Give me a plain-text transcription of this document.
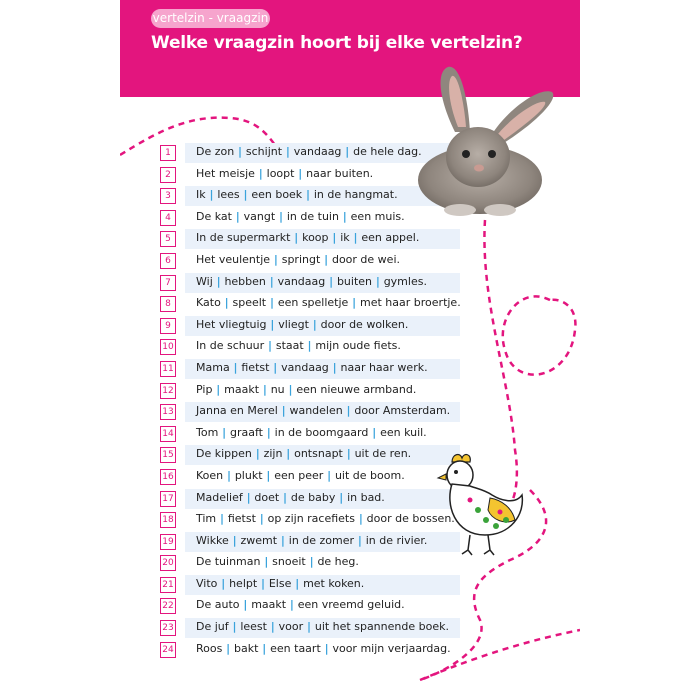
vertelzin - vraagzin
Welke vraagzin hoort bij elke vertelzin?
1	De zon | schijnt | vandaag | de hele dag.
2	Het meisje | loopt | naar buiten.
3	Ik | lees | een boek | in de hangmat.
4	De kat | vangt | in de tuin | een muis.
5	In de supermarkt | koop | ik | een appel.
6	Het veulentje | springt | door de wei.
7	Wij | hebben | vandaag | buiten | gymles.
8	Kato | speelt | een spelletje | met haar broertje.
9	Het vliegtuig | vliegt | door de wolken.
10 In de schuur | staat | mijn oude fiets.
11 Mama | fietst | vandaag | naar haar werk.
12 Pip | maakt | nu | een nieuwe armband.
13 Janna en Merel | wandelen | door Amsterdam.
14 Tom | graaft | in de boomgaard | een kuil.
15 De kippen | zijn | ontsnapt | uit de ren.
16 Koen | plukt | een peer | uit de boom.
17 Madelief | doet | de baby | in bad.
18 Tim | fietst | op zijn racefiets | door de bossen.
19 Wikke | zwemt | in de zomer | in de rivier.
20 De tuinman | snoeit | de heg.
21 Vito | helpt | Else | met koken.
22 De auto | maakt | een vreemd geluid.
23 De juf | leest | voor | uit het spannende boek.
24 Roos | bakt | een taart | voor mijn verjaardag.
